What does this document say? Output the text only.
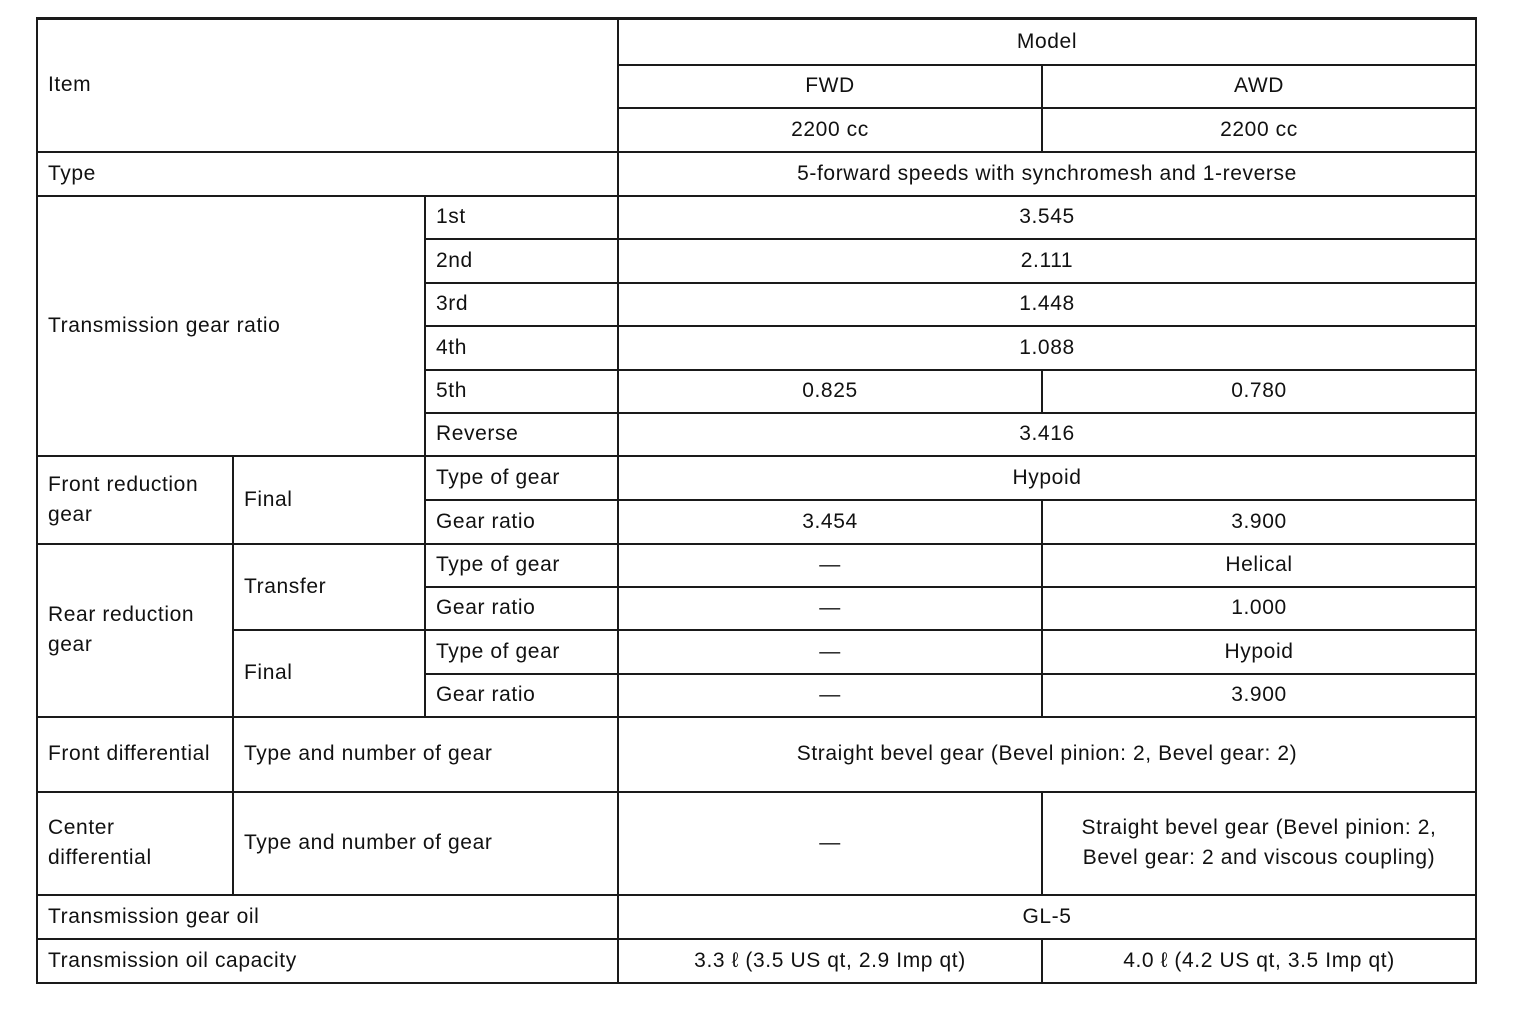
Item			Model	
			FWD	AWD
			2200 cc	2200 cc
Type			5-forward speeds with synchromesh and 1-reverse	
Transmission gear ratio		1st	3.545	
		2nd	2.111	
		3rd	1.448	
		4th	1.088	
		5th	0.825	0.780
		Reverse	3.416	
Front reduction gear	Final	Type of gear	Hypoid	
		Gear ratio	3.454	3.900
Rear reduction gear	Transfer	Type of gear	—	Helical
		Gear ratio	—	1.000
	Final	Type of gear	—	Hypoid
		Gear ratio	—	3.900
Front differential	Type and number of gear		Straight bevel gear (Bevel pinion: 2, Bevel gear: 2)	
Center differential	Type and number of gear		—	Straight bevel gear (Bevel pinion: 2, Bevel gear: 2 and viscous coupling)
Transmission gear oil			GL-5	
Transmission oil capacity			3.3 ℓ (3.5 US qt, 2.9 Imp qt)	4.0 ℓ (4.2 US qt, 3.5 Imp qt)
